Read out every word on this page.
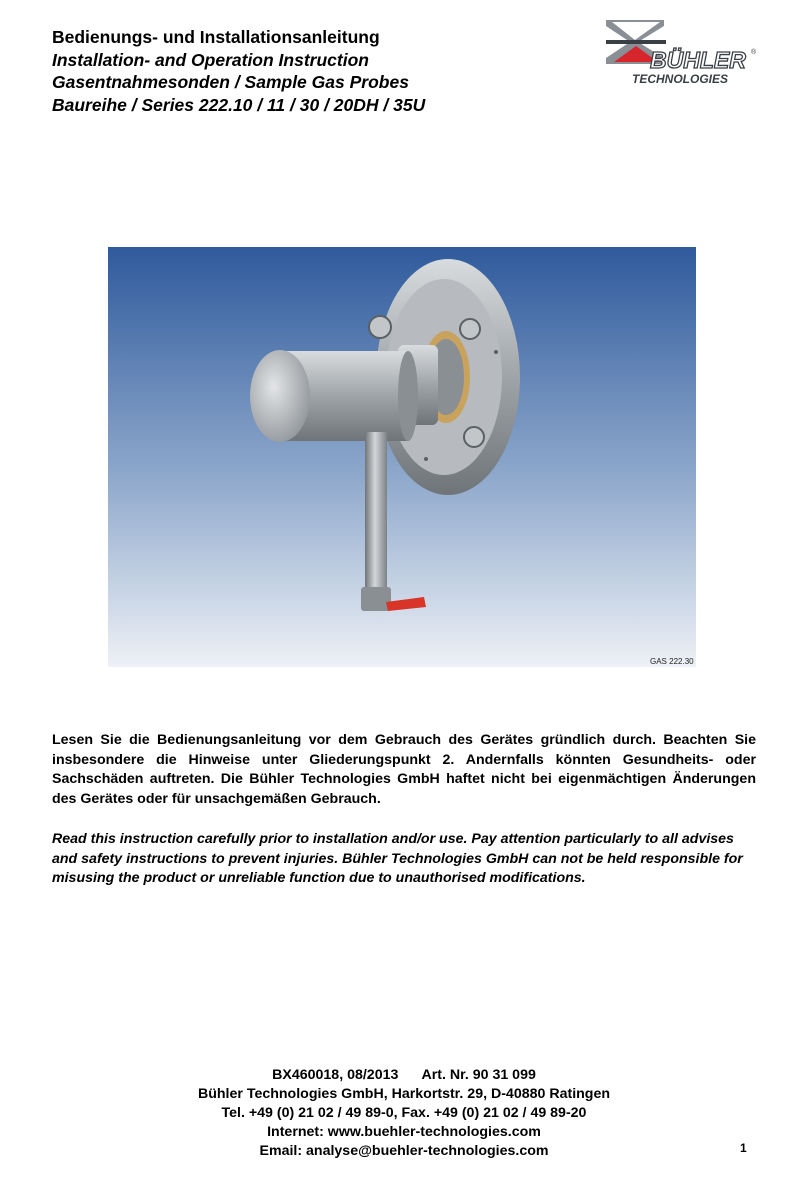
Bedienungs- und Installationsanleitung
Installation- and Operation Instruction
Gasentnahmesonden / Sample Gas Probes
Baureihe / Series 222.10 / 11 / 30 / 20DH / 35U
BÜHLER ®
TECHNOLOGIES
GAS 222.30
Lesen Sie die Bedienungsanleitung vor dem Gebrauch des Gerätes gründlich durch. Beachten Sie insbesondere die Hinweise unter Gliederungspunkt 2. Andernfalls könnten Gesundheits- oder Sachschäden auftreten. Die Bühler Technologies GmbH haftet nicht bei eigenmächtigen Änderungen des Gerätes oder für unsachgemäßen Gebrauch.
Read this instruction carefully prior to installation and/or use. Pay attention particularly to all advises and safety instructions to prevent injuries. Bühler Technologies GmbH can not be held responsible for misusing the product or unreliable function due to unauthorised modifications.
BX460018, 08/2013 Art. Nr. 90 31 099
Bühler Technologies GmbH, Harkortstr. 29, D-40880 Ratingen
Tel. +49 (0) 21 02 / 49 89-0, Fax. +49 (0) 21 02 / 49 89-20
Internet: www.buehler-technologies.com
Email: analyse@buehler-technologies.com	1
